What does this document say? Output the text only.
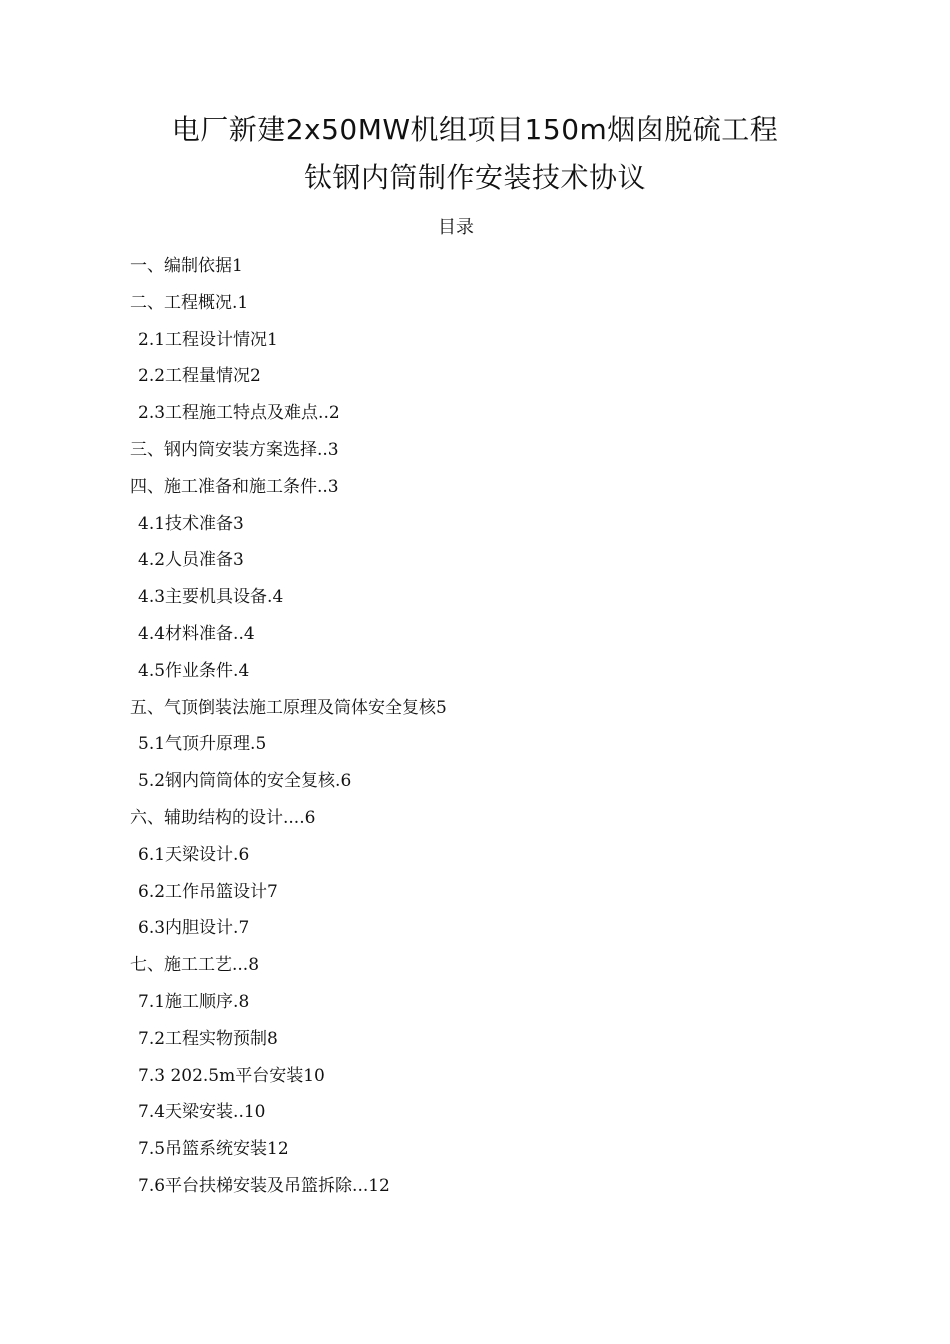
电厂新建2x50MW机组项目150m烟囱脱硫工程
钛钢内筒制作安装技术协议
目录
一、编制依据1
二、工程概况.1
2.1工程设计情况1
2.2工程量情况2
2.3工程施工特点及难点..2
三、钢内筒安装方案选择..3
四、施工准备和施工条件..3
4.1技术准备3
4.2人员准备3
4.3主要机具设备.4
4.4材料准备..4
4.5作业条件.4
五、气顶倒装法施工原理及筒体安全复核5
5.1气顶升原理.5
5.2钢内筒筒体的安全复核.6
六、辅助结构的设计....6
6.1天梁设计.6
6.2工作吊篮设计7
6.3内胆设计.7
七、施工工艺...8
7.1施工顺序.8
7.2工程实物预制8
7.3 202.5m平台安装10
7.4天梁安装..10
7.5吊篮系统安装12
7.6平台扶梯安装及吊篮拆除...12
